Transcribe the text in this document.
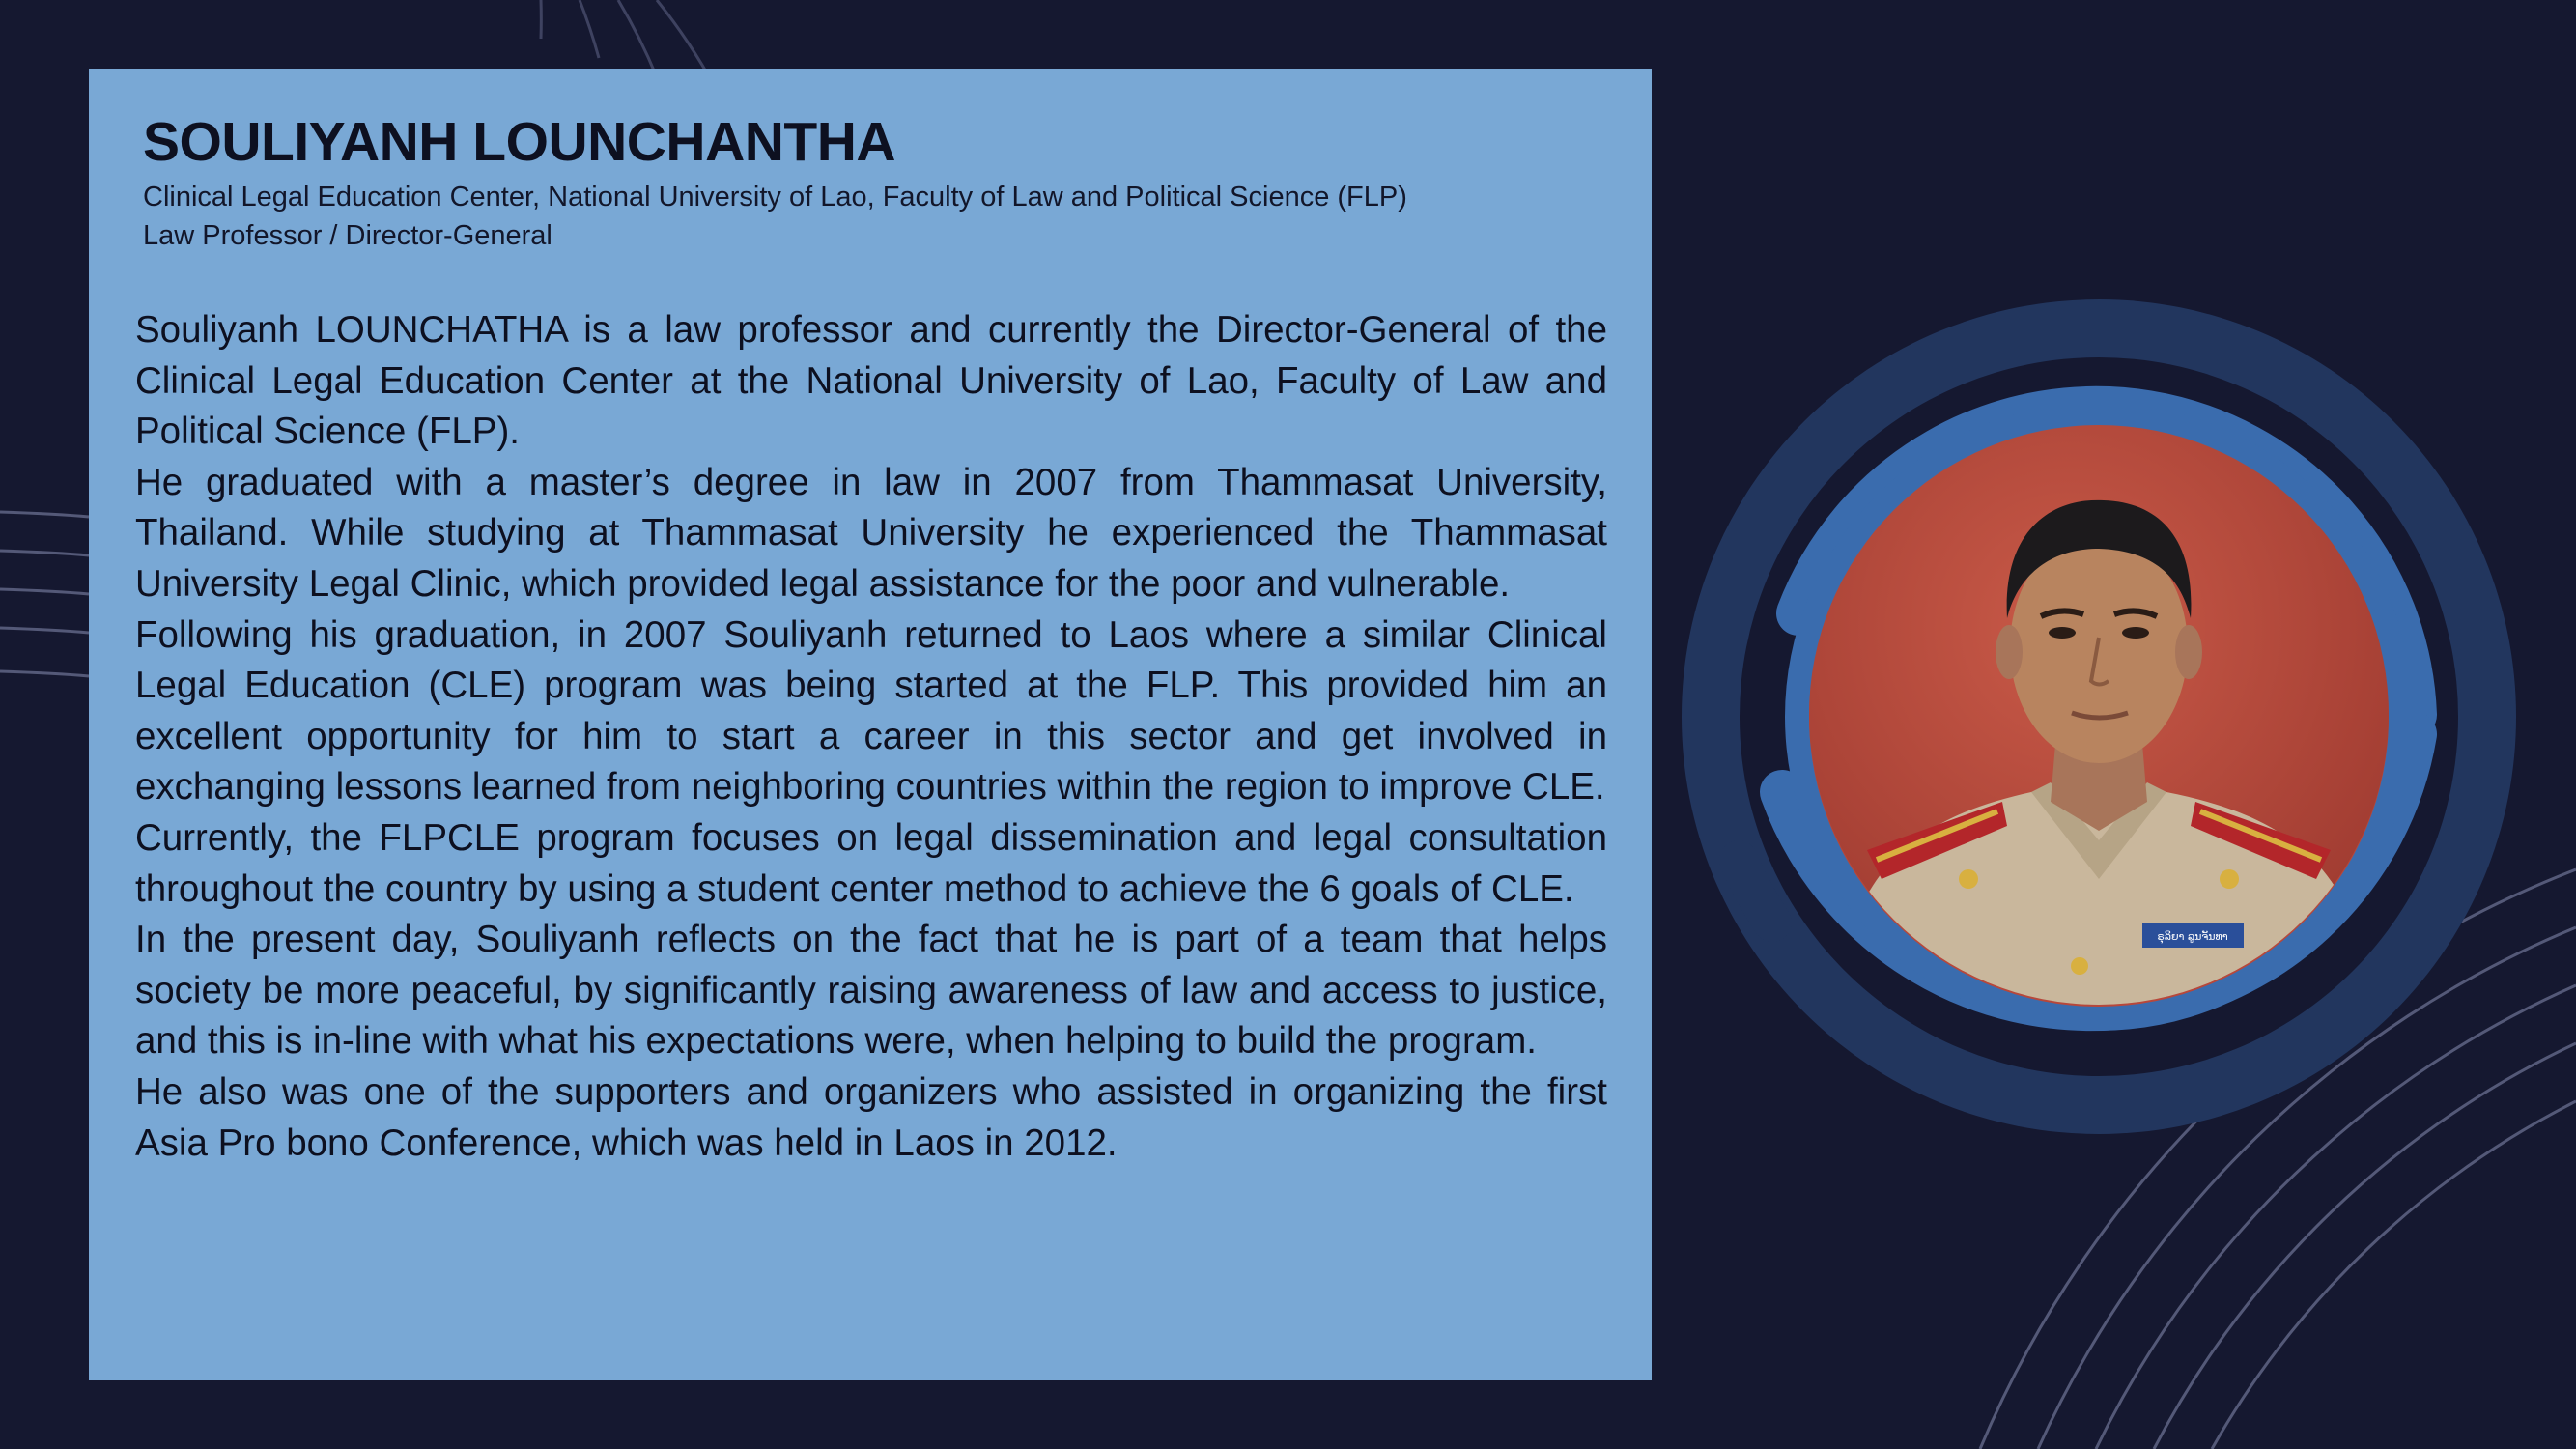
SOULIYANH LOUNCHANTHA
Clinical Legal Education Center, National University of Lao, Faculty of Law and Political Science (FLP)
Law Professor / Director-General

Souliyanh LOUNCHATHA is a law professor and currently the Director-General of the Clinical Legal Education Center at the National University of Lao, Faculty of Law and Political Science (FLP).

He graduated with a master’s degree in law in 2007 from Thammasat University, Thailand. While studying at Thammasat University he experienced the Thammasat University Legal Clinic, which provided legal assistance for the poor and vulnerable.

Following his graduation, in 2007 Souliyanh returned to Laos where a similar Clinical Legal Education (CLE) program was being started at the FLP. This provided him an excellent opportunity for him to start a career in this sector and get involved in exchanging lessons learned from neighboring countries within the region to improve CLE.

Currently, the FLPCLE program focuses on legal dissemination and legal consultation throughout the country by using a student center method to achieve the 6 goals of CLE.

In the present day, Souliyanh reflects on the fact that he is part of a team that helps society be more peaceful, by significantly raising awareness of law and access to justice, and this is in-line with what his expectations were, when helping to build the program.

He also was one of the supporters and organizers who assisted in organizing the first Asia Pro bono Conference, which was held in Laos in 2012.

ຣຸລິຍາ ລູນຈັນທາ
